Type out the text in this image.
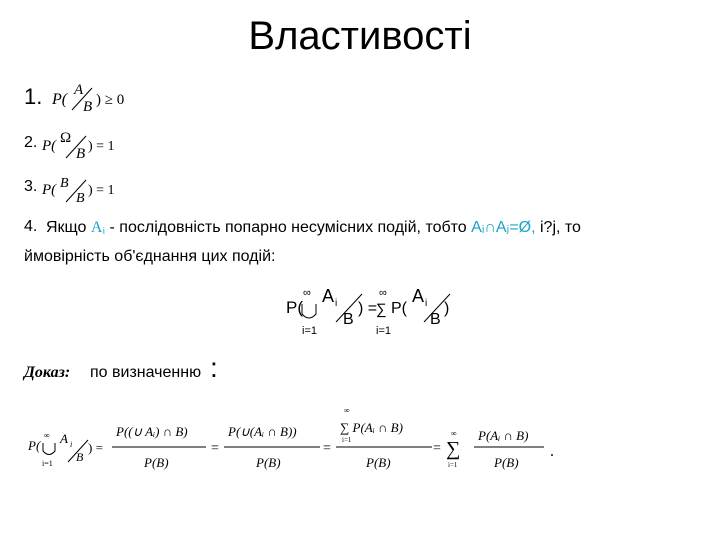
Властивості
1. P(
A
B ) ≥ 0
2. P( Ω
B ) = 1
3. P( B
B
) = 1
4. Якщо Aᵢ - послідовність попарно несумісних подій, тобто Aᵢ∩Aⱼ=Ø, i?j, то
ймовірність об'єднання цих подій:
P(
∞
i=1
A i
B
) =
∞
∑
i=1
P(
A i
B
)
Доказ: по визначенню :
P(
∞
i=1
A i
B
) =
P((∪ Aᵢ) ∩ B)
P(B)
=
P(∪(Aᵢ ∩ B))
P(B)
=
∞
∑ P(Aᵢ ∩ B)
i=1
P(B)
=
∞
∑
i=1
P(Aᵢ ∩ B)
P(B)
.
